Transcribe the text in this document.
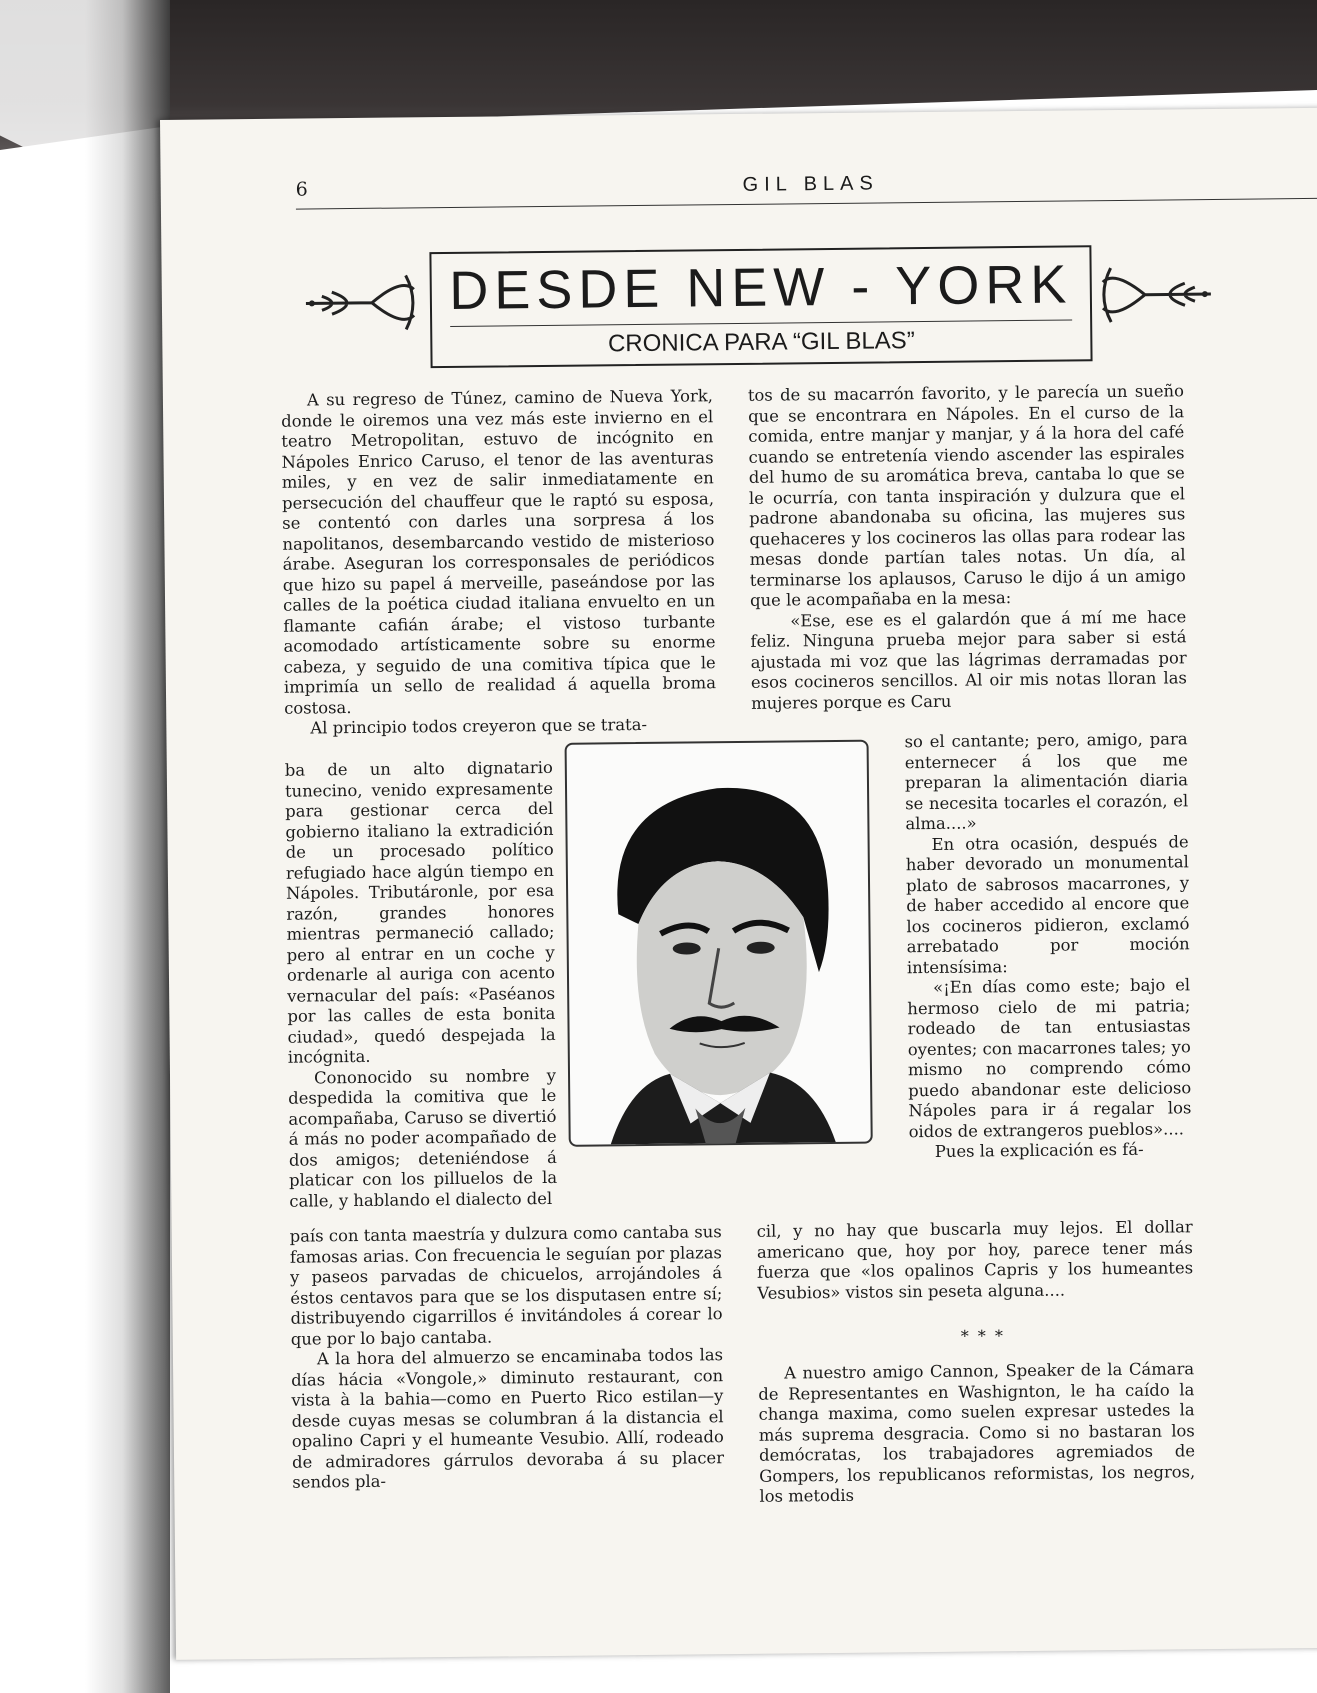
6	GIL BLAS
DESDE NEW - YORK
CRONICA PARA “GIL BLAS”

A su regreso de Túnez, camino de Nueva York, donde le oiremos una vez más este invierno en el teatro Metropolitan, estuvo de incógnito en Nápoles Enrico Caruso, el tenor de las aventuras miles, y en vez de salir inmediatamente en persecución del chauffeur que le raptó su esposa, se contentó con darles una sorpresa á los napolitanos, desembarcando vestido de misterioso árabe. Aseguran los corresponsales de periódicos que hizo su papel á merveille, paseándose por las calles de la poética ciudad italiana envuelto en un flamante cafián árabe; el vistoso turbante acomodado artísticamente sobre su enorme cabeza, y seguido de una comitiva típica que le imprimía un sello de realidad á aquella broma costosa.

Al principio todos creyeron que se trata-

ba de un alto dignatario tunecino, venido expresamente para gestionar cerca del gobierno italiano la extradición de un procesado político refugiado hace algún tiempo en Nápoles. Tributáronle, por esa razón, grandes honores mientras permaneció callado; pero al entrar en un coche y ordenarle al auriga con acento vernacular del país: «Paséanos por las calles de esta bonita ciudad», quedó despejada la incógnita.

Cononocido su nombre y despedida la comitiva que le acompañaba, Caruso se divertió á más no poder acompañado de dos amigos; deteniéndose á platicar con los pilluelos de la calle, y hablando el dialecto del

país con tanta maestría y dulzura como cantaba sus famosas arias. Con frecuencia le seguían por plazas y paseos parvadas de chicuelos, arrojándoles á éstos centavos para que se los disputasen entre sí; distribuyendo cigarrillos é invitándoles á corear lo que por lo bajo cantaba.

A la hora del almuerzo se encaminaba todos las días hácia «Vongole,» diminuto restaurant, con vista à la bahia—como en Puerto Rico estilan—y desde cuyas mesas se columbran á la distancia el opalino Capri y el humeante Vesubio. Allí, rodeado de admiradores gárrulos devoraba á su placer sendos pla-

tos de su macarrón favorito, y le parecía un sueño que se encontrara en Nápoles. En el curso de la comida, entre manjar y manjar, y á la hora del café cuando se entretenía viendo ascender las espirales del humo de su aromática breva, cantaba lo que se le ocurría, con tanta inspiración y dulzura que el padrone abandonaba su oficina, las mujeres sus quehaceres y los cocineros las ollas para rodear las mesas donde partían tales notas. Un día, al terminarse los aplausos, Caruso le dijo á un amigo que le acompañaba en la mesa:

«Ese, ese es el galardón que á mí me hace feliz. Ninguna prueba mejor para saber si está ajustada mi voz que las lágrimas derramadas por esos cocineros sencillos. Al oir mis notas lloran las mujeres porque es Caru

so el cantante; pero, amigo, para enternecer á los que me preparan la alimentación diaria se necesita tocarles el corazón, el alma....»

En otra ocasión, después de haber devorado un monumental plato de sabrosos macarrones, y de haber accedido al encore que los cocineros pidieron, exclamó arrebatado por moción intensísima:

«¡En días como este; bajo el hermoso cielo de mi patria; rodeado de tan entusiastas oyentes; con macarrones tales; yo mismo no comprendo cómo puedo abandonar este delicioso Nápoles para ir á regalar los oidos de extrangeros pueblos»....

Pues la explicación es fá-

cil, y no hay que buscarla muy lejos. El dollar americano que, hoy por hoy, parece tener más fuerza que «los opalinos Capris y los humeantes Vesubios» vistos sin peseta alguna....

* * *

A nuestro amigo Cannon, Speaker de la Cámara de Representantes en Washignton, le ha caído la changa maxima, como suelen expresar ustedes la más suprema desgracia. Como si no bastaran los demócratas, los trabajadores agremiados de Gompers, los republicanos reformistas, los negros, los metodis
